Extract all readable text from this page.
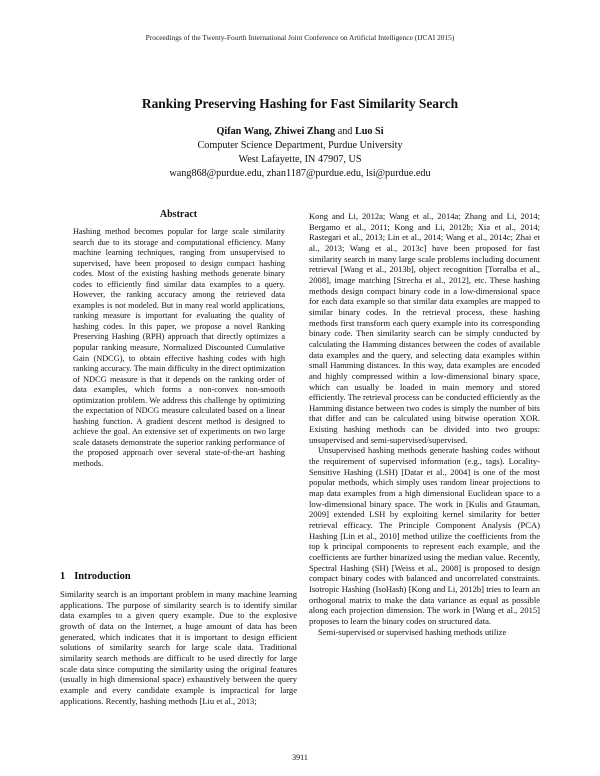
Proceedings of the Twenty-Fourth International Joint Conference on Artificial Intelligence (IJCAI 2015)
Ranking Preserving Hashing for Fast Similarity Search
Qifan Wang, Zhiwei Zhang and Luo Si
Computer Science Department, Purdue University
West Lafayette, IN 47907, US
wang868@purdue.edu, zhan1187@purdue.edu, lsi@purdue.edu
Abstract
Hashing method becomes popular for large scale similarity search due to its storage and computational efficiency. Many machine learning techniques, ranging from unsupervised to supervised, have been proposed to design compact hashing codes. Most of the existing hashing methods generate binary codes to efficiently find similar data examples to a query. However, the ranking accuracy among the retrieved data examples is not modeled. But in many real world applications, ranking measure is important for evaluating the quality of hashing codes. In this paper, we propose a novel Ranking Preserving Hashing (RPH) approach that directly optimizes a popular ranking measure, Normalized Discounted Cumulative Gain (NDCG), to obtain effective hashing codes with high ranking accuracy. The main difficulty in the direct optimization of NDCG measure is that it depends on the ranking order of data examples, which forms a non-convex non-smooth optimization problem. We address this challenge by optimizing the expectation of NDCG measure calculated based on a linear hashing function. A gradient descent method is designed to achieve the goal. An extensive set of experiments on two large scale datasets demonstrate the superior ranking performance of the proposed approach over several state-of-the-art hashing methods.
1 Introduction

Similarity search is an important problem in many machine learning applications. The purpose of similarity search is to identify similar data examples to a given query example. Due to the explosive growth of data on the Internet, a huge amount of data has been generated, which indicates that it is important to design efficient solutions of similarity search for large scale data. Traditional similarity search methods are difficult to be used directly for large scale data since computing the similarity using the original features (usually in high dimensional space) exhaustively between the query example and every candidate example is impractical for large applications. Recently, hashing methods [Liu et al., 2013;

Kong and Li, 2012a; Wang et al., 2014a; Zhang and Li, 2014; Bergamo et al., 2011; Kong and Li, 2012b; Xia et al., 2014; Rastegari et al., 2013; Lin et al., 2014; Wang et al., 2014c; Zhai et al., 2013; Wang et al., 2013c] have been proposed for fast similarity search in many large scale problems including document retrieval [Wang et al., 2013b], object recognition [Torralba et al., 2008], image matching [Strecha et al., 2012], etc. These hashing methods design compact binary code in a low-dimensional space for each data example so that similar data examples are mapped to similar binary codes. In the retrieval process, these hashing methods first transform each query example into its corresponding binary code. Then similarity search can be simply conducted by calculating the Hamming distances between the codes of available data examples and the query, and selecting data examples within small Hamming distances. In this way, data examples are encoded and highly compressed within a low-dimensional binary space, which can usually be loaded in main memory and stored efficiently. The retrieval process can be conducted efficiently as the Hamming distance between two codes is simply the number of bits that differ and can be calculated using bitwise operation XOR. Existing hashing methods can be divided into two groups: unsupervised and semi-supervised/supervised.

Unsupervised hashing methods generate hashing codes without the requirement of supervised information (e.g., tags). Locality-Sensitive Hashing (LSH) [Datar et al., 2004] is one of the most popular methods, which simply uses random linear projections to map data examples from a high dimensional Euclidean space to a low-dimensional binary space. The work in [Kulis and Grauman, 2009] extended LSH by exploiting kernel similarity for better retrieval efficacy. The Principle Component Analysis (PCA) Hashing [Lin et al., 2010] method utilize the coefficients from the top k principal components to represent each example, and the coefficients are further binarized using the median value. Recently, Spectral Hashing (SH) [Weiss et al., 2008] is proposed to design compact binary codes with balanced and uncorrelated constraints. Isotropic Hashing (IsoHash) [Kong and Li, 2012b] tries to learn an orthogonal matrix to make the data variance as equal as possible along each projection dimension. The work in [Wang et al., 2015] proposes to learn the binary codes on structured data.

Semi-supervised or supervised hashing methods utilize

3911
